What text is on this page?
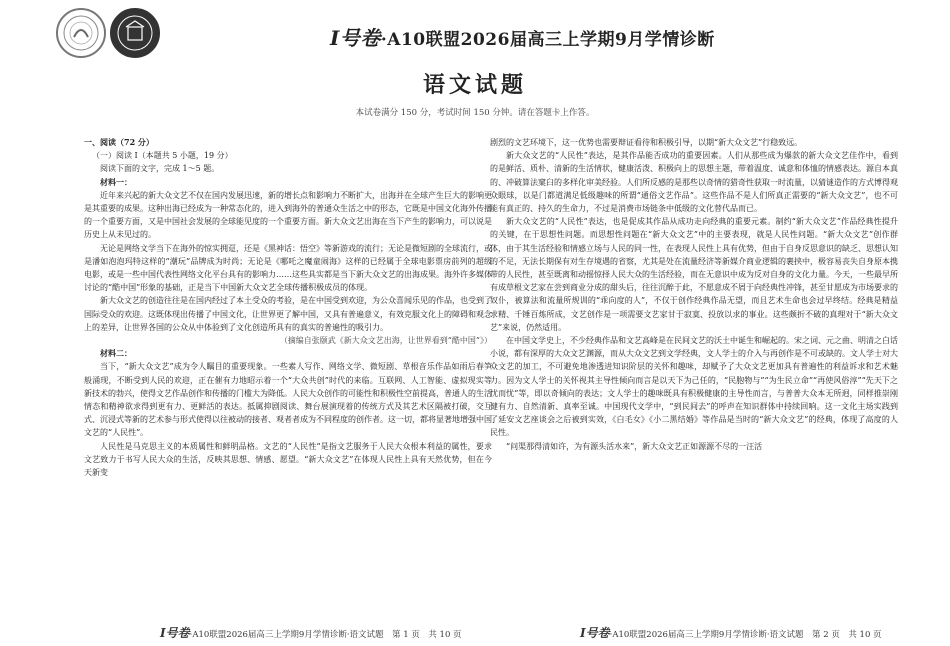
I号卷·A10联盟2026届高三上学期9月学情诊断
语文试题
本试卷满分 150 分，考试时间 150 分钟。请在答题卡上作答。

一、阅读（72 分）

（一）阅读 Ⅰ（本题共 5 小题，19 分）

阅读下面的文字，完成 1～5 题。

材料一：

近年来兴起的新大众文艺不仅在国内发展迅速，新的增长点和影响力不断扩大，出海并在全球产生巨大的影响更是其重要的成果。这种出海已经成为一种常态化的，进入到海外的普通众生活之中的形态，它既是中国文化海外传播的一个重要方面，又是中国社会发展的全球能见度的一个重要方面。新大众文艺出海在当下产生的影响力，可以说是历史上从未见过的。

无论是网络文学当下在海外的惊实拥趸，还是《黑神话：悟空》等新游戏的流行；无论是微短剧的全球流行，或是潘如泡泡玛特这样的“潮玩”品牌成为时尚；无论是《哪吒之魔童闹海》这样的已经属于全球电影票房前列的超级电影，或是一些中国代表性网络文化平台具有的影响力……这些具实都是当下新大众文艺的出海成果。海外许多媒体讨论的“酷中国”形象的基础，正是当下中国新大众文艺全球传播积极成员的体现。

新大众文艺的创造往往是在国内经过了本土受众的考验，是在中国受到欢迎，为公众喜闻乐见的作品，也受到了国际受众的欢迎。这既体现出传播了中国文化，让世界更了解中国，又具有普遍意义，有效克服文化上的障碍和观念上的差异，让世界各国的公众从中体验到了文化创造所具有的真实的普遍性的吸引力。

（摘编自张颐武《新大众文艺出海，让世界看到“酷中国”》）

材料二：

当下，“新大众文艺”成为令人瞩目的重要现象。一些素人写作、网络文学、微短剧、草根音乐作品如雨后春笋般涌现，不断受到人民的欢迎，正在催有力地昭示着一个“大众共创”时代的来临。互联网、人工智能、虚拟现实等新技术的勃兴，使得文艺作品创作和传播的门槛大为降低。人民大众创作的可能性和积极性空前提高，普通人的生活情态和精神欲求得到更有力、更鲜活的表达。抵属抑剧阅读、舞台展演现着的传统方式及其艺术区隔被打破，交互式、沉浸式等新的艺术参与形式使得以往被动的接者、观者者成为不同程度的创作者。这一切，都将显著地增强中国文艺的“人民性”。

人民性是马克思主义的本质属性和鲜明品格。文艺的“人民性”是指文艺服务于人民大众根本利益的属性，要求文艺致力于书写人民大众的生活，反映其思想、情感、愿望。“新大众文艺”在体现人民性上具有天然优势，但在今天新变

剧烈的文艺环境下，这一优势也需要辩证看待和积极引导，以期“新大众文艺”行稳致远。

新大众文艺的“人民性”表达，是其作品能否成功的重要因素。人们从那些成为爆款的新大众文艺佳作中，看到的是鲜活、质朴、清新的生活情状，健康活泼、积极向上的思想主题，带着温度、诚意和体恤的情感表达。源自本真的、冲破算法窠臼的多样化审美经验。人们所反感的是那些以奇情的猎奇性获取一时流量，以猜谜造作的方式博得观众眼球，以是门都道满足低级趣味的所谓“通俗文艺作品”。这些作品不是人们所真正需要的“新大众文艺”，也不可能有真正的、持久的生命力，不过是消费市场链条中低级的文化替代品而已。

新大众文艺的“人民性”表达，也是促成其作品从成功走向经典的重要元素。制约“新大众文艺”作品经典性提升的关键，在于思想性问题。而思想性问题在“新大众文艺”中的主要表现，就是人民性问题。“新大众文艺”创作群体，由于其生活经验和情感立场与人民的同一性，在表现人民性上具有优势，但由于自身反思意识的缺乏、思想认知的不足，无法长期保有对生存境遇的省察，尤其是处在流量经济等新媒介商业逻辑的裹挟中，极容易丧失自身原本携带的人民性，甚至既离和动摇惊择人民大众的生活经验，而在无意识中成为反对自身的文化力量。今天，一些最早所有成草根文艺家在尝到商业分成的甜头后，往往沉醉于此，不愿意成不屑于向经典性冲锋，甚至甘愿成为市场要求的奴仆，被算法和流量所规训的“乖向度的人”，不仅于创作经典作品无望，而且艺术生命也会过早终结。经典是精益求精、千锤百炼所成，文艺创作是一项需要文艺家甘于寂寞、投放以求的事业。这些颇折不破的真理对于“新大众文艺”来说，仍然适用。

在中国文学史上，不少经典作品和文艺高峰是在民间文艺的沃土中诞生和崛起的。宋之词、元之曲、明清之白话小说，都有深厚的大众文艺渊源，而从大众文艺到文学经典，文人学士的介入与再创作是不可或缺的。文人学士对大众文艺的加工，不可避免地渗透进知识阶层的关怀和趣味，却赋予了大众文艺更加具有普遍性的利益诉求和艺术魅力。因为文人学士的关怀视其主导性倾向而言是以天下为己任的，“民胞物与”“为生民立命”“再使风俗淳”“先天下之忧而忧”等，即以奇倾向的表达；文人学士的趣味既具有积极健康的主导性而言，与普普大众本无所迥，同样推崇刚健有力、自然清新、真率至诚。中国现代文学中，“到民间去”的呼声在知识群体中持续回响。这一文化主场实践到了延安文艺座谈会之后被到实效，《白毛女》《小二黑结婚》等作品是当时的“新大众文艺”的经典，体现了高度的人民性。

“问渠那得清如许，为有源头活水来”，新大众文艺正如源源不尽的一汪活

I号卷·A10联盟2026届高三上学期9月学情诊断·语文试题　第 1 页　共 10 页	I号卷·A10联盟2026届高三上学期9月学情诊断·语文试题　第 2 页　共 10 页
